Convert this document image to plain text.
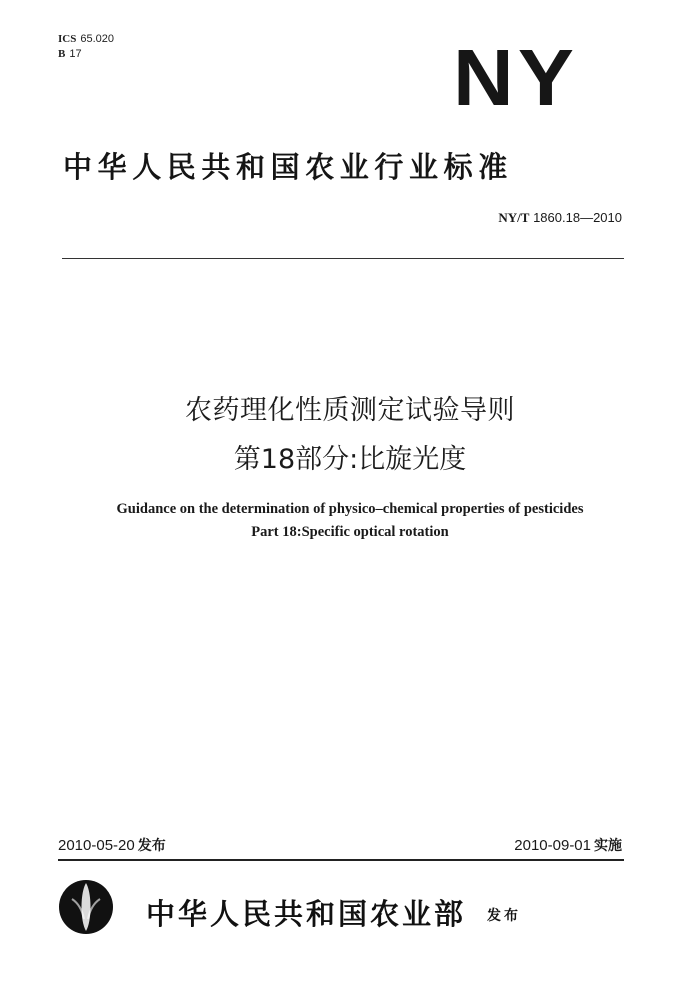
ICS 65.020
B 17	NY
中华人民共和国农业行业标准
NY/T 1860.18—2010
农药理化性质测定试验导则
第18部分:比旋光度
Guidance on the determination of physico–chemical properties of pesticides
Part 18:Specific optical rotation
2010-05-20 发布	2010-09-01 实施
中华人民共和国农业部 发布
